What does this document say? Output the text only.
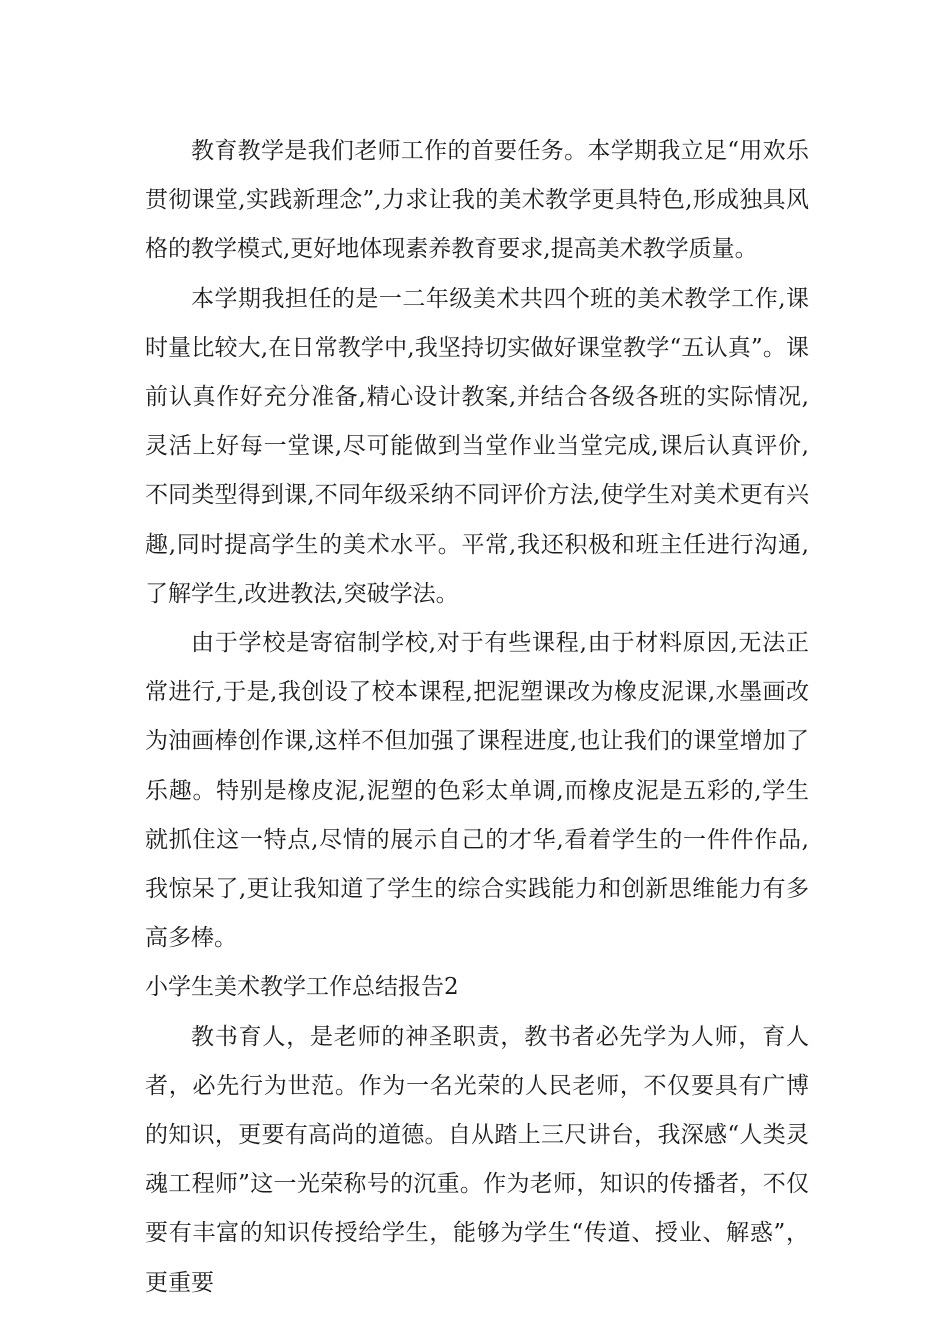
教育教学是我们老师工作的首要任务。本学期我立足“用欢乐贯彻课堂,实践新理念”,力求让我的美术教学更具特色,形成独具风格的教学模式,更好地体现素养教育要求,提高美术教学质量。

本学期我担任的是一二年级美术共四个班的美术教学工作,课时量比较大,在日常教学中,我坚持切实做好课堂教学“五认真”。课前认真作好充分准备,精心设计教案,并结合各级各班的实际情况,灵活上好每一堂课,尽可能做到当堂作业当堂完成,课后认真评价,不同类型得到课,不同年级采纳不同评价方法,使学生对美术更有兴趣,同时提高学生的美术水平。平常,我还积极和班主任进行沟通,了解学生,改进教法,突破学法。

由于学校是寄宿制学校,对于有些课程,由于材料原因,无法正常进行,于是,我创设了校本课程,把泥塑课改为橡皮泥课,水墨画改为油画棒创作课,这样不但加强了课程进度,也让我们的课堂增加了乐趣。特别是橡皮泥,泥塑的色彩太单调,而橡皮泥是五彩的,学生就抓住这一特点,尽情的展示自己的才华,看着学生的一件件作品,我惊呆了,更让我知道了学生的综合实践能力和创新思维能力有多高多棒。

小学生美术教学工作总结报告2

教书育人，是老师的神圣职责，教书者必先学为人师，育人者，必先行为世范。作为一名光荣的人民老师，不仅要具有广博的知识，更要有高尚的道德。自从踏上三尺讲台，我深感“人类灵魂工程师”这一光荣称号的沉重。作为老师，知识的传播者，不仅要有丰富的知识传授给学生，能够为学生“传道、授业、解惑”，更重要
